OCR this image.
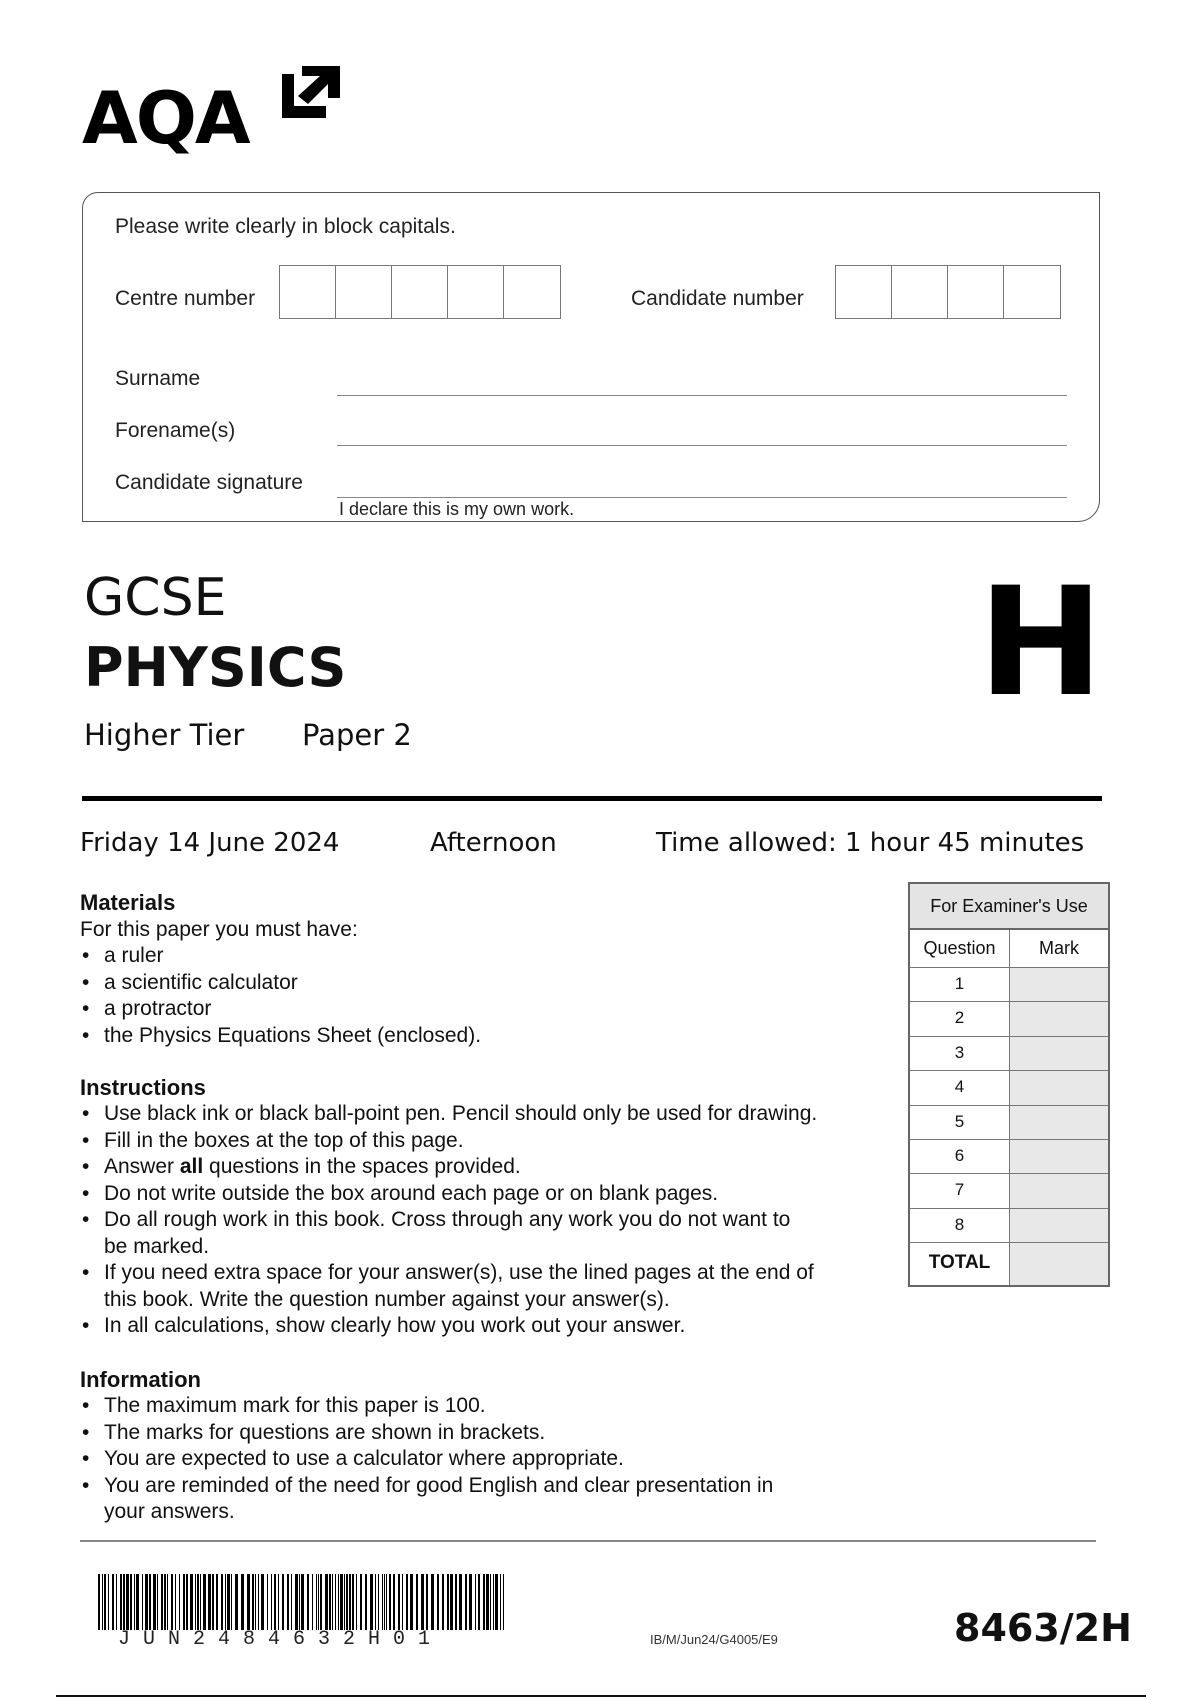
AQA
Please write clearly in block capitals.
Centre number	Candidate number
Surname
Forename(s)
Candidate signature
I declare this is my own work.
GCSE
PHYSICS
Higher Tier Paper 2
H
Friday 14 June 2024	Afternoon	Time allowed: 1 hour 45 minutes
Materials
For this paper you must have:
• a ruler
• a scientific calculator
• a protractor
• the Physics Equations Sheet (enclosed).
Instructions
• Use black ink or black ball-point pen. Pencil should only be used for drawing.
• Fill in the boxes at the top of this page.
• Answer all questions in the spaces provided.
• Do not write outside the box around each page or on blank pages.
• Do all rough work in this book. Cross through any work you do not want to be marked.
• If you need extra space for your answer(s), use the lined pages at the end of this book. Write the question number against your answer(s).
• In all calculations, show clearly how you work out your answer.
Information
• The maximum mark for this paper is 100.
• The marks for questions are shown in brackets.
• You are expected to use a calculator where appropriate.
• You are reminded of the need for good English and clear presentation in your answers.
For Examiner's Use
Question	Mark
1
2
3
4
5
6
7
8
TOTAL
JUN2484632H01	IB/M/Jun24/G4005/E9	8463/2H
